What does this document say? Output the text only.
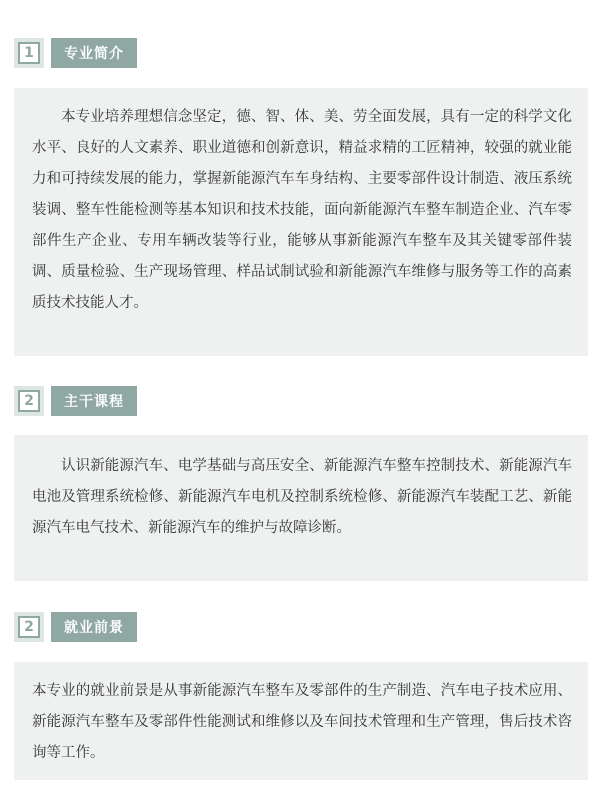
1	专业简介

本专业培养理想信念坚定，德、智、体、美、劳全面发展，具有一定的科学文化水平、良好的人文素养、职业道德和创新意识，精益求精的工匠精神，较强的就业能力和可持续发展的能力，掌握新能源汽车车身结构、主要零部件设计制造、液压系统装调、整车性能检测等基本知识和技术技能，面向新能源汽车整车制造企业、汽车零部件生产企业、专用车辆改装等行业，能够从事新能源汽车整车及其关键零部件装调、质量检验、生产现场管理、样品试制试验和新能源汽车维修与服务等工作的高素质技术技能人才。

2	主干课程

认识新能源汽车、电学基础与高压安全、新能源汽车整车控制技术、新能源汽车电池及管理系统检修、新能源汽车电机及控制系统检修、新能源汽车装配工艺、新能源汽车电气技术、新能源汽车的维护与故障诊断。

2	就业前景

本专业的就业前景是从事新能源汽车整车及零部件的生产制造、汽车电子技术应用、新能源汽车整车及零部件性能测试和维修以及车间技术管理和生产管理，售后技术咨询等工作。
